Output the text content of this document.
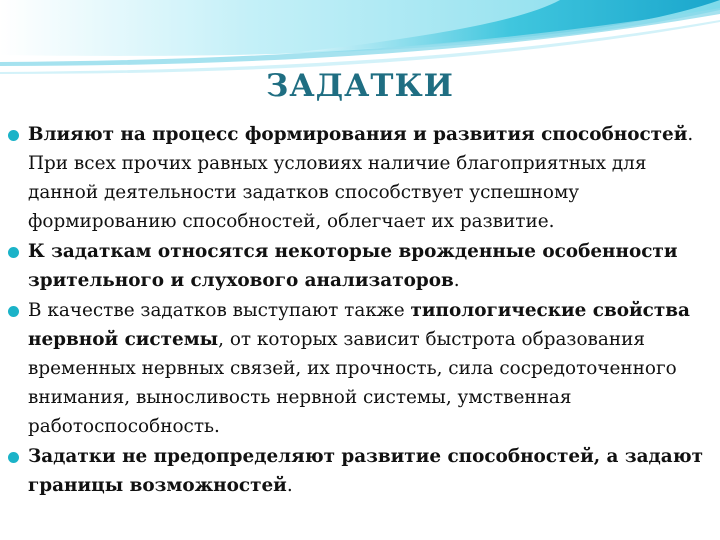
ЗАДАТКИ
Влияют на процесс формирования и развития способностей. При всех прочих равных условиях наличие благоприятных для данной деятельности задатков способствует успешному формированию способностей, облегчает их развитие.
К задаткам относятся некоторые врожденные особенности зрительного и слухового анализаторов.
В качестве задатков выступают также типологические свойства нервной системы, от которых зависит быстрота образования временных нервных связей, их прочность, сила сосредоточенного внимания, выносливость нервной системы, умственная работоспособность.
Задатки не предопределяют развитие способностей, а задают границы возможностей.
